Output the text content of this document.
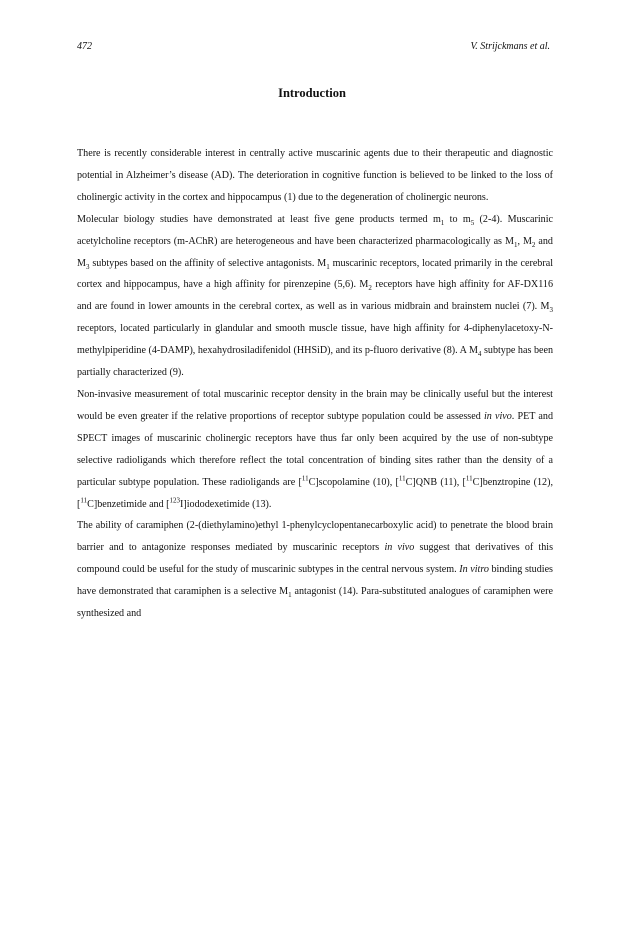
472	V. Strijckmans et al.
Introduction

There is recently considerable interest in centrally active muscarinic agents due to their therapeutic and diagnostic potential in Alzheimer’s disease (AD). The deterioration in cognitive function is believed to be linked to the loss of cholinergic activity in the cortex and hippocampus (1) due to the degeneration of cholinergic neurons.

Molecular biology studies have demonstrated at least five gene products termed $m_1$ to $m_5$ (2-4). Muscarinic acetylcholine receptors (m-AChR) are heterogeneous and have been characterized pharmacologically as $M_1$, $M_2$ and $M_3$ subtypes based on the affinity of selective antagonists. $M_1$ muscarinic receptors, located primarily in the cerebral cortex and hippocampus, have a high affinity for pirenzepine (5,6). $M_2$ receptors have high affinity for AF-DX116 and are found in lower amounts in the cerebral cortex, as well as in various midbrain and brainstem nuclei (7). $M_3$ receptors, located particularly in glandular and smooth muscle tissue, have high affinity for 4-diphenylacetoxy-N-methylpiperidine (4-DAMP), hexahydrosiladifenidol (HHSiD), and its p-fluoro derivative (8). A $M_4$ subtype has been partially characterized (9).

Non-invasive measurement of total muscarinic receptor density in the brain may be clinically useful but the interest would be even greater if the relative proportions of receptor subtype population could be assessed in vivo. PET and SPECT images of muscarinic cholinergic receptors have thus far only been acquired by the use of non-subtype selective radioligands which therefore reflect the total concentration of binding sites rather than the density of a particular subtype population. These radioligands are [$^{11}$C]scopolamine (10), [$^{11}$C]QNB (11), [$^{11}$C]benztropine (12), [$^{11}$C]benzetimide and [$^{123}$I]iododexetimide (13).

The ability of caramiphen (2-(diethylamino)ethyl 1-phenylcyclopentanecarboxylic acid) to penetrate the blood brain barrier and to antagonize responses mediated by muscarinic receptors in vivo suggest that derivatives of this compound could be useful for the study of muscarinic subtypes in the central nervous system. In vitro binding studies have demonstrated that caramiphen is a selective $M_1$ antagonist (14). Para-substituted analogues of caramiphen were synthesized and
